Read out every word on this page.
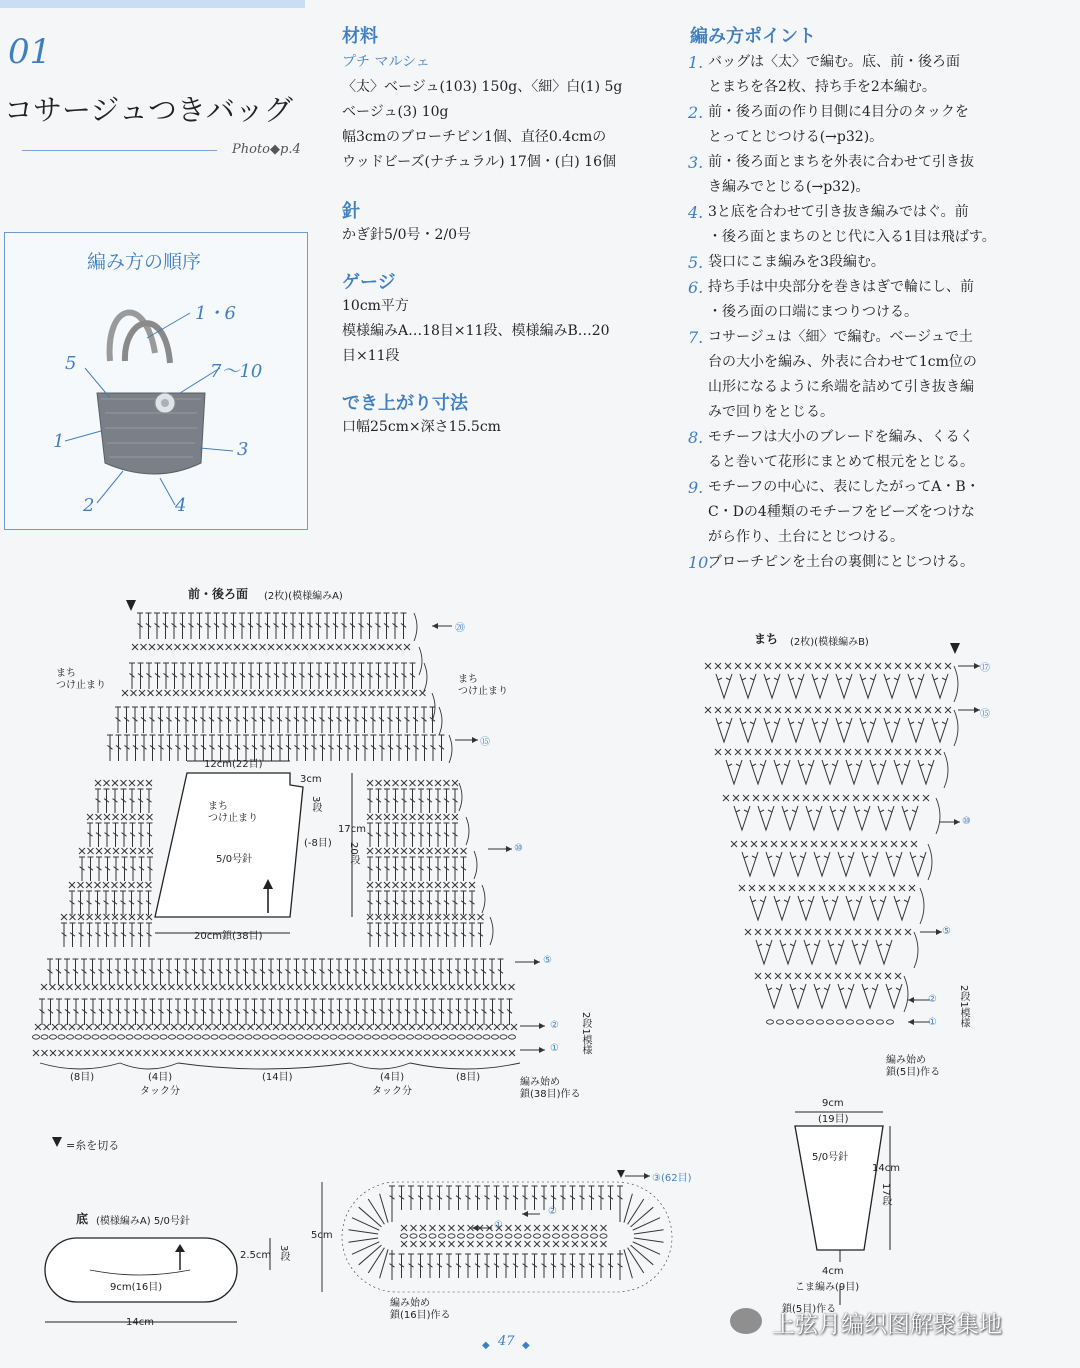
01
コサージュつきバッグ
Photo◆p.4
編み方の順序
1・6
7〜10
5
1	3
2	4
材料
プチ マルシェ
〈太〉ベージュ(103) 150g、〈細〉白(1) 5g
ベージュ(3) 10g
幅3cmのブローチピン1個、直径0.4cmの
ウッドビーズ(ナチュラル) 17個・(白) 16個
針
かぎ針5/0号・2/0号
ゲージ
10cm平方
模様編みA…18目×11段、模様編みB…20
目×11段
でき上がり寸法
口幅25cm×深さ15.5cm
編み方ポイント
1. バッグは〈太〉で編む。底、前・後ろ面
とまちを各2枚、持ち手を2本編む。
2. 前・後ろ面の作り目側に4目分のタックを
とってとじつける(→p32)。
3. 前・後ろ面とまちを外表に合わせて引き抜
き編みでとじる(→p32)。
4. 3と底を合わせて引き抜き編みではぐ。前
・後ろ面とまちのとじ代に入る1目は飛ばす。
5. 袋口にこま編みを3段編む。
6. 持ち手は中央部分を巻きはぎで輪にし、前
・後ろ面の口端にまつりつける。
7. コサージュは〈細〉で編む。ベージュで土
台の大小を編み、外表に合わせて1cm位の
山形になるように糸端を詰めて引き抜き編
みで回りをとじる。
8. モチーフは大小のブレードを編み、くるく
ると巻いて花形にまとめて根元をとじる。
9. モチーフの中心に、表にしたがってA・B・
C・Dの4種類のモチーフをビーズをつけな
がら作り、土台にとじつける。
10.
ブローチピンを土台の裏側にとじつける。
前・後ろ面 (2枚)(模様編みA)
まち
つけ止まり
まち
つけ止まり
⑳
⑮
⑩
⑤
②
① 2段1模様
12cm(22目)
まち
つけ止まり
5/0号針
3cm
3段
(-8目)
17cm
20段
20cm鎖(38目)
(8目)	(4目)	(14目)	(4目)	(8目)
タック分	タック分
編み始め
鎖(38目)作る
まち (2枚)(模様編みB)
⑰
⑮
⑩
⑤
②
① 2段1模様
編み始め
鎖(5目)作る
9cm
(19目)
5/0号針
14cm
17段
4cm
こま編み(9目)
鎖(5目)作る
=糸を切る
底 (模様編みA) 5/0号針
2.5cm 3段
9cm(16目)
14cm
5cm
③(62目)
②
①
編み始め
鎖(16目)作る
47
◆	◆
上弦月编织图解聚集地
